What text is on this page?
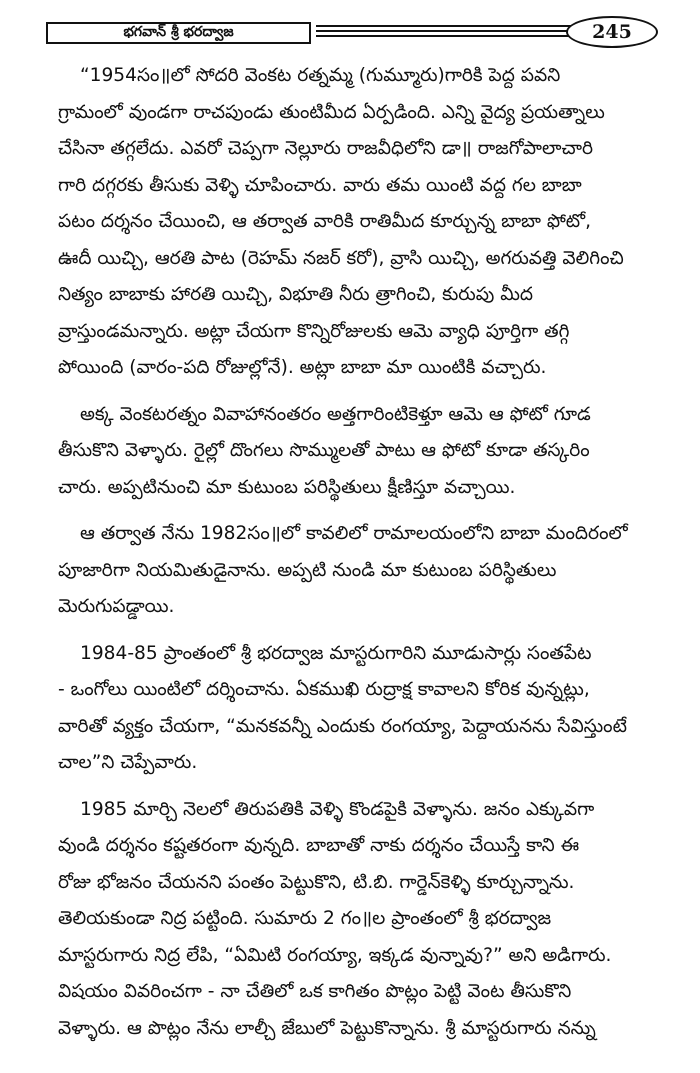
భగవాన్ శ్రీ భరద్వాజ	245
“1954సం॥లో సోదరి వెంకట రత్నమ్మ (గుమ్మూరు)గారికి పెద్ద పవని
గ్రామంలో వుండగా రాచపుండు తుంటిమీద ఏర్పడింది. ఎన్ని వైద్య ప్రయత్నాలు
చేసినా తగ్గలేదు. ఎవరో చెప్పగా నెల్లూరు రాజవీధిలోని డా॥ రాజగోపాలాచారి
గారి దగ్గరకు తీసుకు వెళ్ళి చూపించారు. వారు తమ యింటి వద్ద గల బాబా
పటం దర్శనం చేయించి, ఆ తర్వాత వారికి రాతిమీద కూర్చున్న బాబా ఫోటో,
ఊదీ యిచ్చి, ఆరతి పాట (రెహమ్ నజర్ కరో), వ్రాసి యిచ్చి, అగరువత్తి వెలిగించి
నిత్యం బాబాకు హారతి యిచ్చి, విభూతి నీరు త్రాగించి, కురుపు మీద
వ్రాస్తుండమన్నారు. అట్లా చేయగా కొన్నిరోజులకు ఆమె వ్యాధి పూర్తిగా తగ్గి
పోయింది (వారం-పది రోజుల్లోనే). అట్లా బాబా మా యింటికి వచ్చారు.
అక్క వెంకటరత్నం వివాహానంతరం అత్తగారింటికెళ్తూ ఆమె ఆ ఫోటో గూడ
తీసుకొని వెళ్ళారు. రైల్లో దొంగలు సొమ్ములతో పాటు ఆ ఫోటో కూడా తస్కరిం
చారు. అప్పటినుంచి మా కుటుంబ పరిస్థితులు క్షీణిస్తూ వచ్చాయి.
ఆ తర్వాత నేను 1982సం॥లో కావలిలో రామాలయంలోని బాబా మందిరంలో
పూజారిగా నియమితుడైనాను. అప్పటి నుండి మా కుటుంబ పరిస్థితులు
మెరుగుపడ్డాయి.
1984-85 ప్రాంతంలో శ్రీ భరద్వాజ మాస్టరుగారిని మూడుసార్లు సంతపేట
- ఒంగోలు యింటిలో దర్శించాను. ఏకముఖి రుద్రాక్ష కావాలని కోరిక వున్నట్లు,
వారితో వ్యక్తం చేయగా, “మనకవన్నీ ఎందుకు రంగయ్యా, పెద్దాయనను సేవిస్తుంటే
చాల”ని చెప్పేవారు.
1985 మార్చి నెలలో తిరుపతికి వెళ్ళి కొండపైకి వెళ్ళాను. జనం ఎక్కువగా
వుండి దర్శనం కష్టతరంగా వున్నది. బాబాతో నాకు దర్శనం చేయిస్తే కాని ఈ
రోజు భోజనం చేయనని పంతం పెట్టుకొని, టి.బి. గార్డెన్‌కెళ్ళి కూర్చున్నాను.
తెలియకుండా నిద్ర పట్టింది. సుమారు 2 గం॥ల ప్రాంతంలో శ్రీ భరద్వాజ
మాస్టరుగారు నిద్ర లేపి, “ఏమిటి రంగయ్యా, ఇక్కడ వున్నావు?” అని అడిగారు.
విషయం వివరించగా - నా చేతిలో ఒక కాగితం పొట్లం పెట్టి వెంట తీసుకొని
వెళ్ళారు. ఆ పొట్లం నేను లాల్చీ జేబులో పెట్టుకొన్నాను. శ్రీ మాస్టరుగారు నన్ను
